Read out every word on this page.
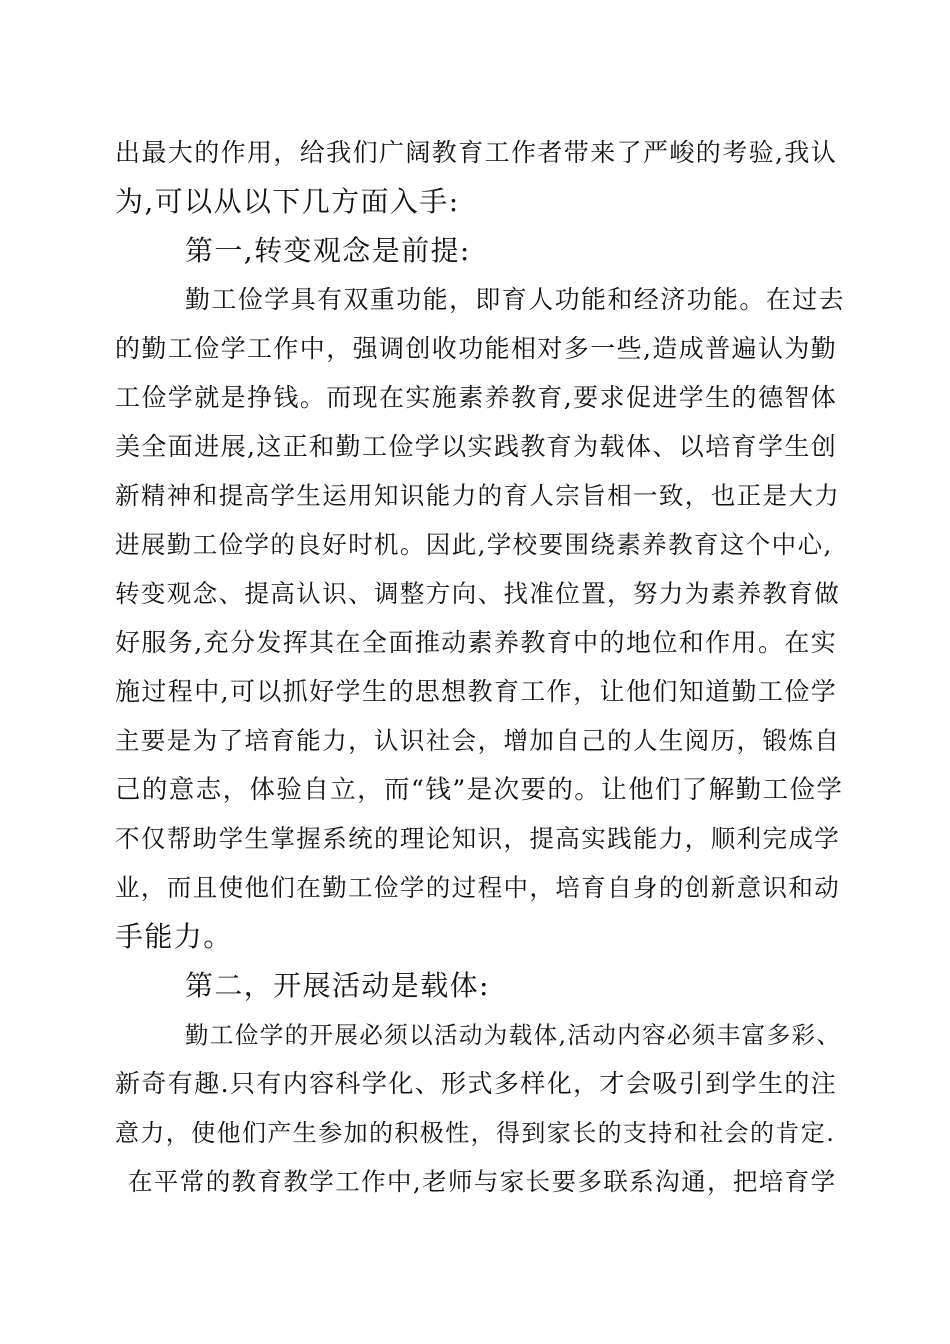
出最大的作用，给我们广阔教育工作者带来了严峻的考验,我认
为,可以从以下几方面入手:
第一,转变观念是前提:
勤工俭学具有双重功能，即育人功能和经济功能。在过去
的勤工俭学工作中，强调创收功能相对多一些,造成普遍认为勤
工俭学就是挣钱。而现在实施素养教育,要求促进学生的德智体
美全面进展,这正和勤工俭学以实践教育为载体、以培育学生创
新精神和提高学生运用知识能力的育人宗旨相一致，也正是大力
进展勤工俭学的良好时机。因此,学校要围绕素养教育这个中心,
转变观念、提高认识、调整方向、找准位置，努力为素养教育做
好服务,充分发挥其在全面推动素养教育中的地位和作用。在实
施过程中,可以抓好学生的思想教育工作，让他们知道勤工俭学
主要是为了培育能力，认识社会，增加自己的人生阅历，锻炼自
己的意志，体验自立，而“钱”是次要的。让他们了解勤工俭学
不仅帮助学生掌握系统的理论知识，提高实践能力，顺利完成学
业，而且使他们在勤工俭学的过程中，培育自身的创新意识和动
手能力。
第二，开展活动是载体:
勤工俭学的开展必须以活动为载体,活动内容必须丰富多彩、
新奇有趣.只有内容科学化、形式多样化，才会吸引到学生的注
意力，使他们产生参加的积极性，得到家长的支持和社会的肯定.
在平常的教育教学工作中,老师与家长要多联系沟通，把培育学
